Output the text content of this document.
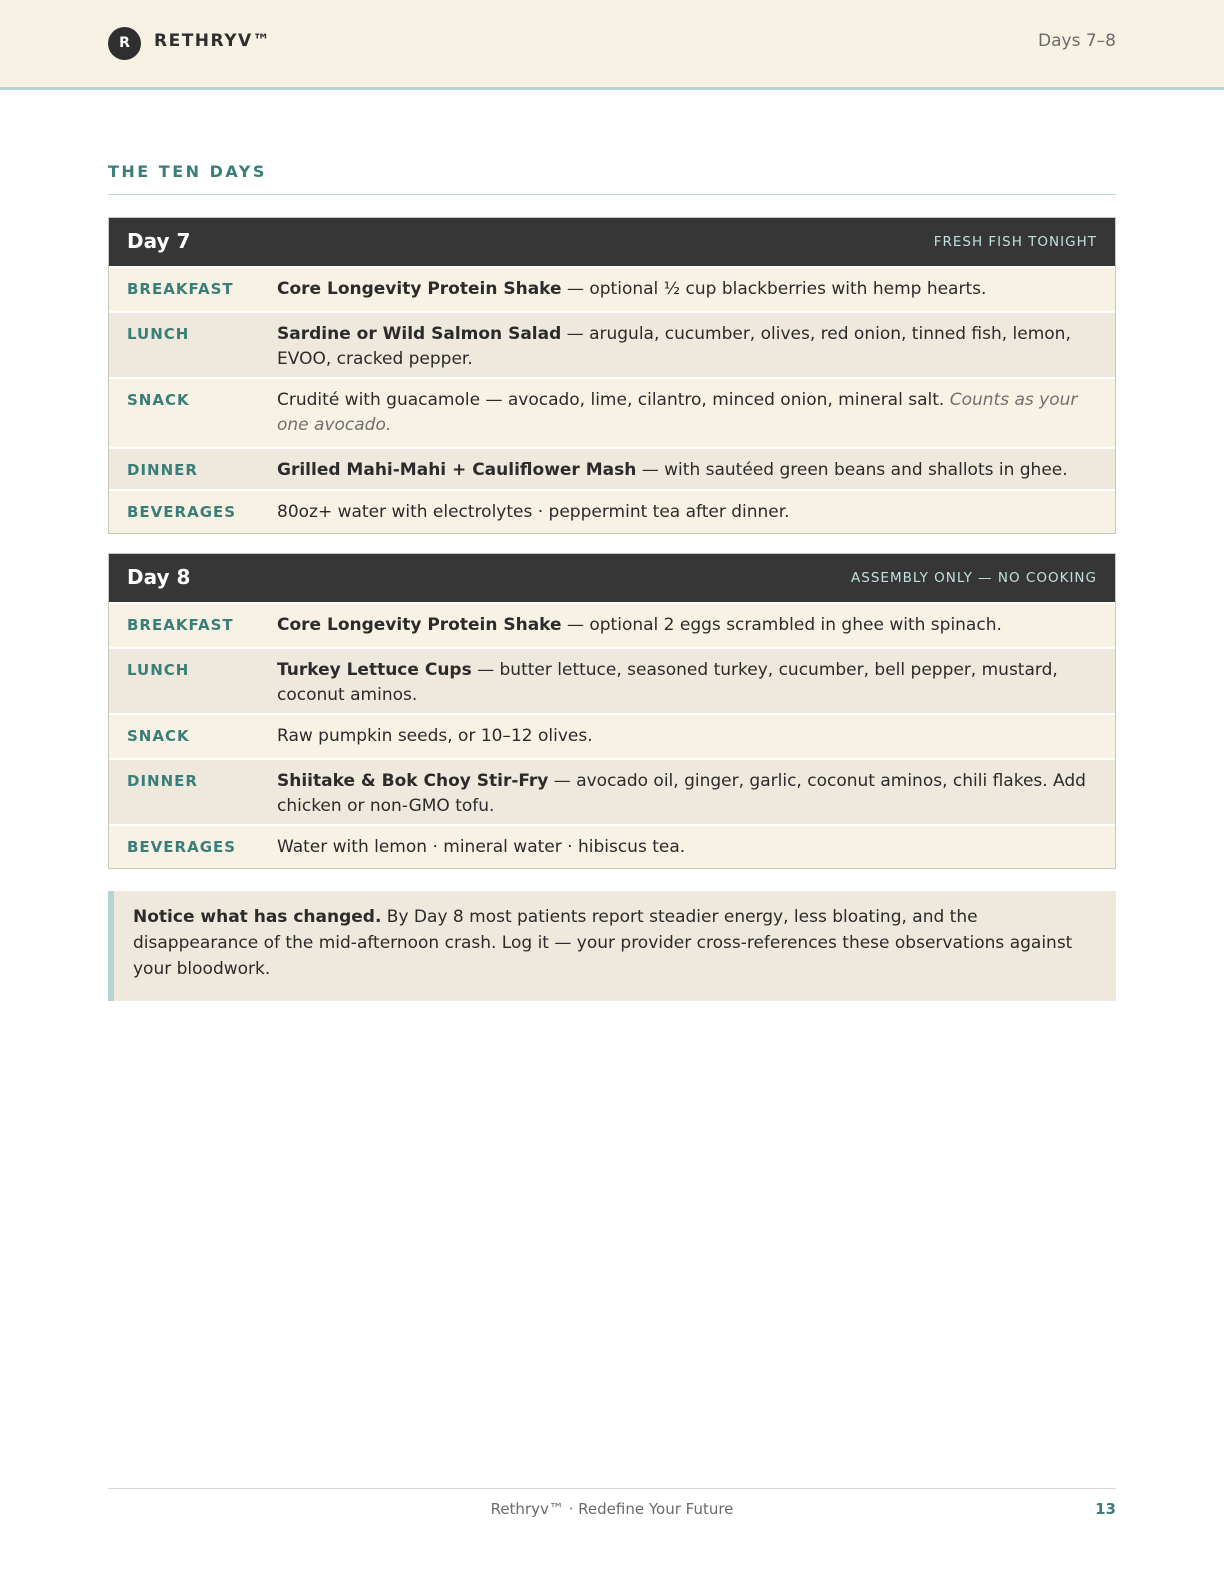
R	RETHRYV™	Days 7–8
THE TEN DAYS
Day 7	FRESH FISH TONIGHT
BREAKFAST	Core Longevity Protein Shake — optional ½ cup blackberries with hemp hearts.
LUNCH	Sardine or Wild Salmon Salad — arugula, cucumber, olives, red onion, tinned fish, lemon, EVOO, cracked pepper.
SNACK	Crudité with guacamole — avocado, lime, cilantro, minced onion, mineral salt. Counts as your one avocado.
DINNER	Grilled Mahi-Mahi + Cauliflower Mash — with sautéed green beans and shallots in ghee.
BEVERAGES	80oz+ water with electrolytes · peppermint tea after dinner.
Day 8	ASSEMBLY ONLY — NO COOKING
BREAKFAST	Core Longevity Protein Shake — optional 2 eggs scrambled in ghee with spinach.
LUNCH	Turkey Lettuce Cups — butter lettuce, seasoned turkey, cucumber, bell pepper, mustard, coconut aminos.
SNACK	Raw pumpkin seeds, or 10–12 olives.
DINNER	Shiitake & Bok Choy Stir-Fry — avocado oil, ginger, garlic, coconut aminos, chili flakes. Add chicken or non-GMO tofu.
BEVERAGES	Water with lemon · mineral water · hibiscus tea.
Notice what has changed. By Day 8 most patients report steadier energy, less bloating, and the disappearance of the mid-afternoon crash. Log it — your provider cross-references these observations against your bloodwork.
Rethryv™ · Redefine Your Future	13
